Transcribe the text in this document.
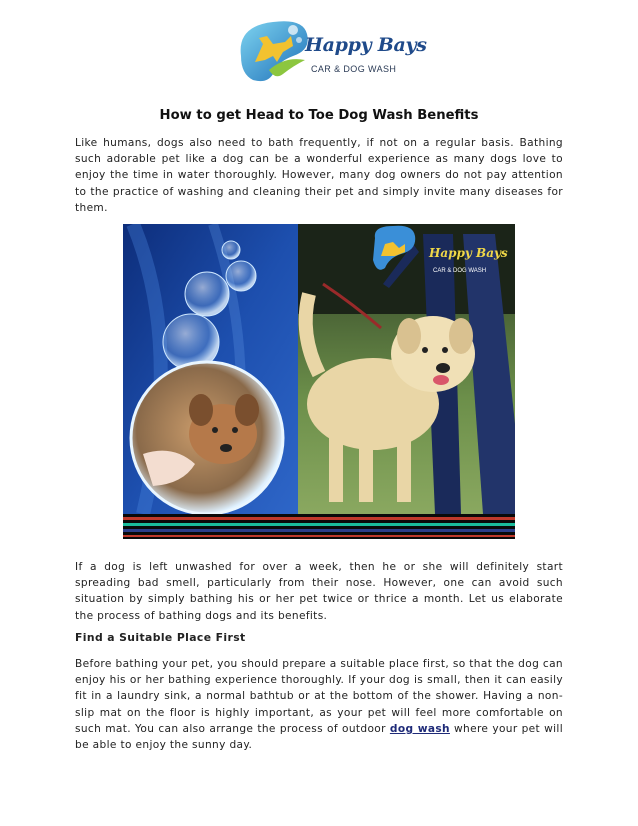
Happy Bays
CAR & DOG WASH
How to get Head to Toe Dog Wash Benefits

Like humans, dogs also need to bath frequently, if not on a regular basis. Bathing such adorable pet like a dog can be a wonderful experience as many dogs love to enjoy the time in water thoroughly. However, many dog owners do not pay attention to the practice of washing and cleaning their pet and simply invite many diseases for them.

Happy Bays
CAR & DOG WASH

If a dog is left unwashed for over a week, then he or she will definitely start spreading bad smell, particularly from their nose. However, one can avoid such situation by simply bathing his or her pet twice or thrice a month. Let us elaborate the process of bathing dogs and its benefits.

Find a Suitable Place First

Before bathing your pet, you should prepare a suitable place first, so that the dog can enjoy his or her bathing experience thoroughly. If your dog is small, then it can easily fit in a laundry sink, a normal bathtub or at the bottom of the shower. Having a non-slip mat on the floor is highly important, as your pet will feel more comfortable on such mat. You can also arrange the process of outdoor dog wash where your pet will be able to enjoy the sunny day.
